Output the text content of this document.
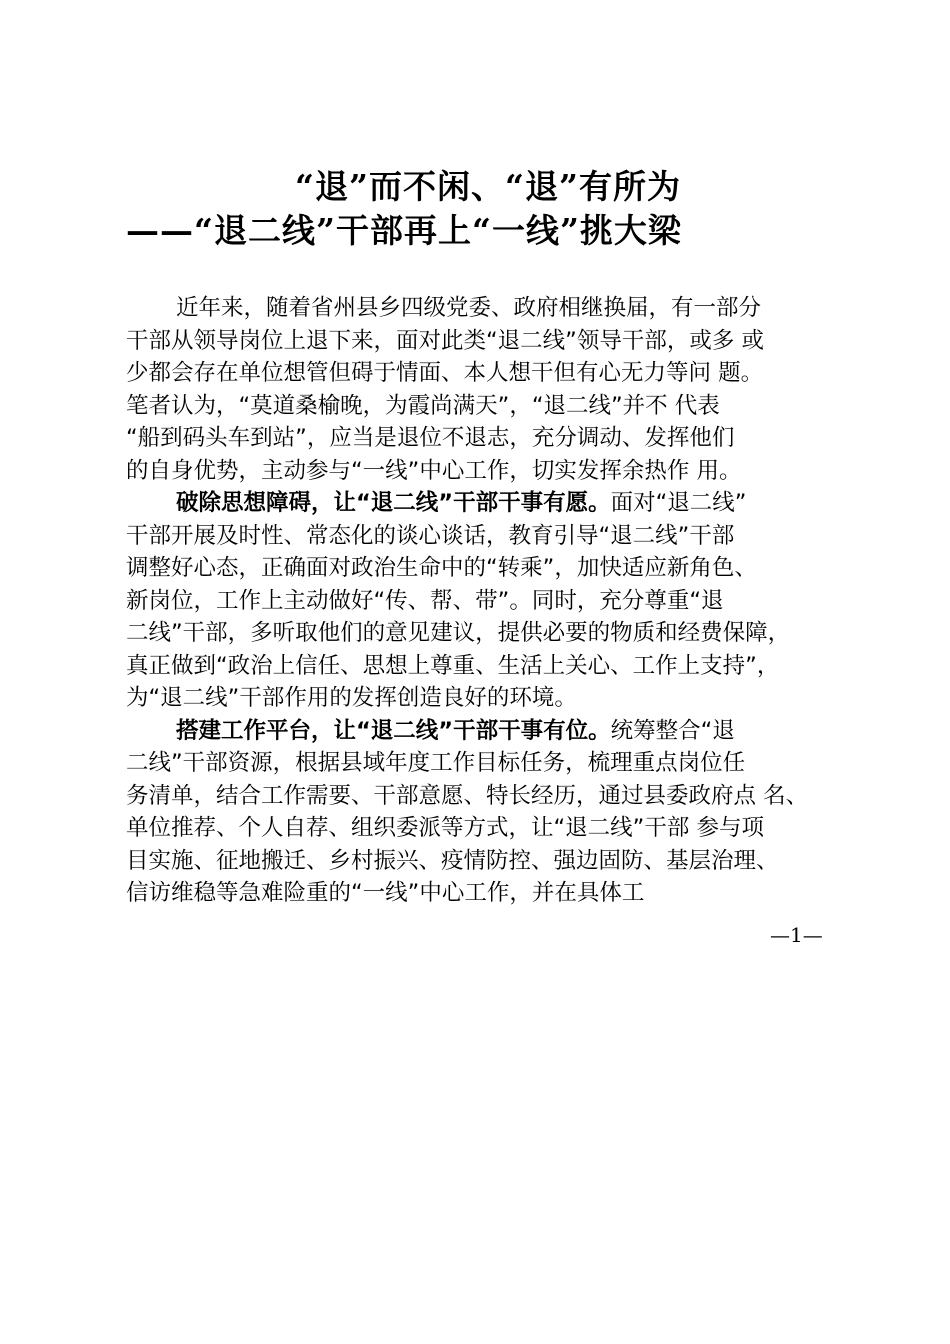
“退”而不闲、“退”有所为
——“退二线”干部再上“一线”挑大梁

近年来，随着省州县乡四级党委、政府相继换届，有一部分
干部从领导岗位上退下来，面对此类“退二线”领导干部，或多 或
少都会存在单位想管但碍于情面、本人想干但有心无力等问 题。
笔者认为，“莫道桑榆晚，为霞尚满天”，“退二线”并不 代表
“船到码头车到站”，应当是退位不退志，充分调动、发挥他们
的自身优势，主动参与“一线”中心工作，切实发挥余热作 用。

破除思想障碍，让“退二线”干部干事有愿。面对“退二线”
干部开展及时性、常态化的谈心谈话，教育引导“退二线”干部
调整好心态，正确面对政治生命中的“转乘”，加快适应新角色、
新岗位，工作上主动做好“传、帮、带”。同时，充分尊重“退
二线”干部，多听取他们的意见建议，提供必要的物质和经费保障，
真正做到“政治上信任、思想上尊重、生活上关心、工作上支持”，
为“退二线”干部作用的发挥创造良好的环境。

搭建工作平台，让“退二线”干部干事有位。统筹整合“退
二线”干部资源，根据县域年度工作目标任务，梳理重点岗位任
务清单，结合工作需要、干部意愿、特长经历，通过县委政府点 名、
单位推荐、个人自荐、组织委派等方式，让“退二线”干部 参与项
目实施、征地搬迁、乡村振兴、疫情防控、强边固防、基层治理、
信访维稳等急难险重的“一线”中心工作，并在具体工

—1—
